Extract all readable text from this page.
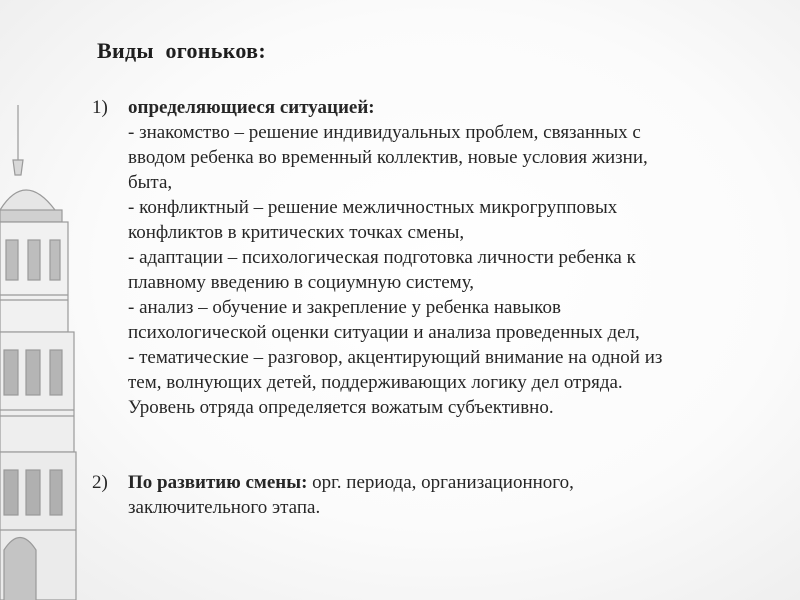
Виды  огоньков:
1)	определяющиеся ситуацией:
- знакомство – решение индивидуальных проблем, связанных с
вводом ребенка во временный коллектив, новые условия жизни,
быта,
- конфликтный – решение межличностных микрогрупповых
конфликтов в критических точках смены,
- адаптации – психологическая подготовка личности ребенка к
плавному введению в социумную систему,
- анализ – обучение и закрепление у ребенка навыков
психологической оценки ситуации и анализа проведенных дел,
- тематические – разговор, акцентирующий внимание на одной из
тем, волнующих детей, поддерживающих логику дел отряда.
Уровень отряда определяется вожатым субъективно.
2)	По развитию смены: орг. периода, организационного,
заключительного этапа.
